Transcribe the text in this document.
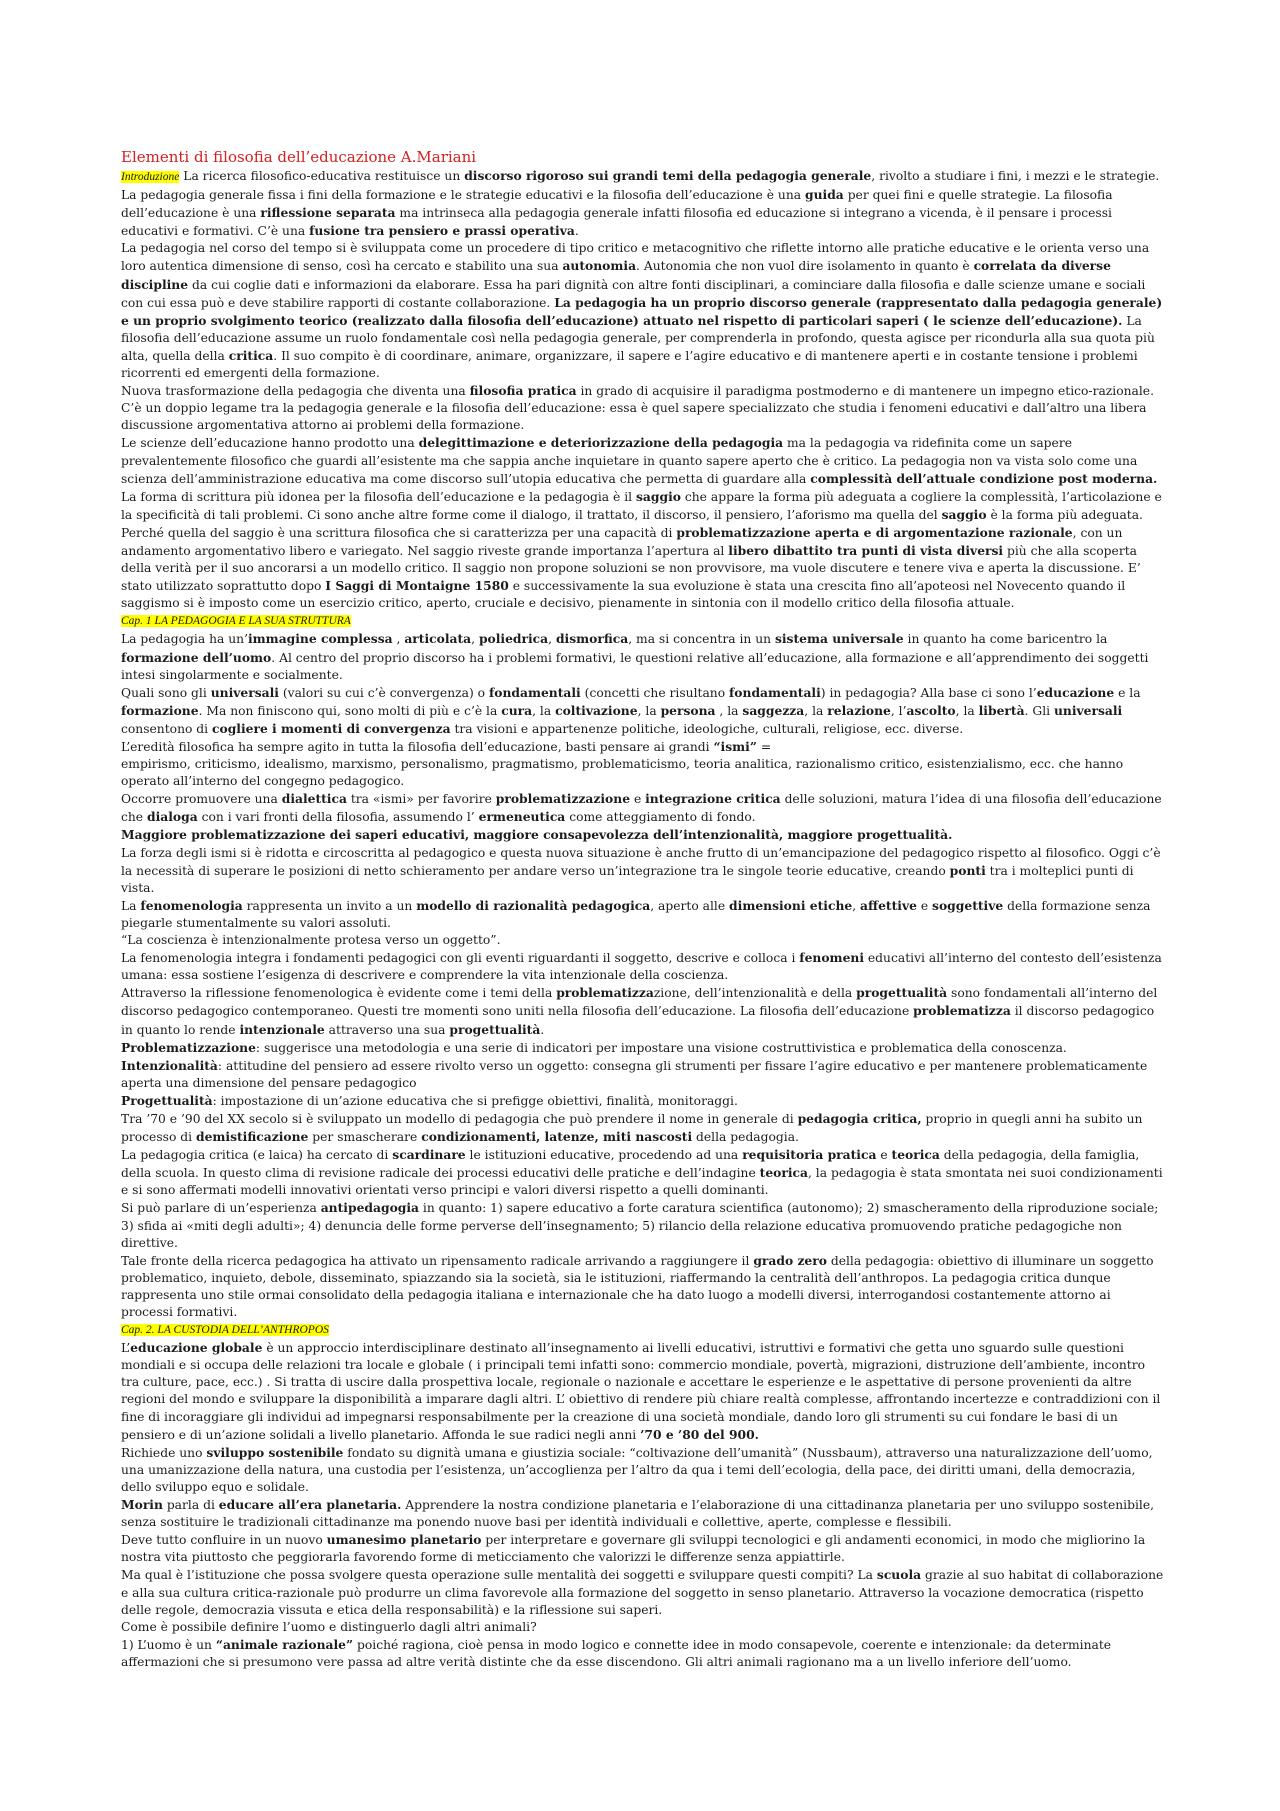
Elementi di filosofia dell’educazione A.Mariani

Introduzione La ricerca filosofico-educativa restituisce un discorso rigoroso sui grandi temi della pedagogia generale, rivolto a studiare i fini, i mezzi e le strategie. La pedagogia generale fissa i fini della formazione e le strategie educativi e la filosofia dell’educazione è una guida per quei fini e quelle strategie. La filosofia dell’educazione è una riflessione separata ma intrinseca alla pedagogia generale infatti filosofia ed educazione si integrano a vicenda, è il pensare i processi educativi e formativi. C’è una fusione tra pensiero e prassi operativa.

La pedagogia nel corso del tempo si è sviluppata come un procedere di tipo critico e metacognitivo che riflette intorno alle pratiche educative e le orienta verso una loro autentica dimensione di senso, così ha cercato e stabilito una sua autonomia. Autonomia che non vuol dire isolamento in quanto è correlata da diverse discipline da cui coglie dati e informazioni da elaborare. Essa ha pari dignità con altre fonti disciplinari, a cominciare dalla filosofia e dalle scienze umane e sociali con cui essa può e deve stabilire rapporti di costante collaborazione. La pedagogia ha un proprio discorso generale (rappresentato dalla pedagogia generale) e un proprio svolgimento teorico (realizzato dalla filosofia dell’educazione) attuato nel rispetto di particolari saperi ( le scienze dell’educazione). La filosofia dell’educazione assume un ruolo fondamentale così nella pedagogia generale, per comprenderla in profondo, questa agisce per ricondurla alla sua quota più alta, quella della critica. Il suo compito è di coordinare, animare, organizzare, il sapere e l’agire educativo e di mantenere aperti e in costante tensione i problemi ricorrenti ed emergenti della formazione.

Nuova trasformazione della pedagogia che diventa una filosofia pratica in grado di acquisire il paradigma postmoderno e di mantenere un impegno etico-razionale. C’è un doppio legame tra la pedagogia generale e la filosofia dell’educazione: essa è quel sapere specializzato che studia i fenomeni educativi e dall’altro una libera discussione argomentativa attorno ai problemi della formazione.

Le scienze dell’educazione hanno prodotto una delegittimazione e deteriorizzazione della pedagogia ma la pedagogia va ridefinita come un sapere prevalentemente filosofico che guardi all’esistente ma che sappia anche inquietare in quanto sapere aperto che è critico. La pedagogia non va vista solo come una scienza dell’amministrazione educativa ma come discorso sull’utopia educativa che permetta di guardare alla complessità dell’attuale condizione post moderna.

La forma di scrittura più idonea per la filosofia dell’educazione e la pedagogia è il saggio che appare la forma più adeguata a cogliere la complessità, l’articolazione e la specificità di tali problemi. Ci sono anche altre forme come il dialogo, il trattato, il discorso, il pensiero, l’aforismo ma quella del saggio è la forma più adeguata.

Perché quella del saggio è una scrittura filosofica che si caratterizza per una capacità di problematizzazione aperta e di argomentazione razionale, con un andamento argomentativo libero e variegato. Nel saggio riveste grande importanza l’apertura al libero dibattito tra punti di vista diversi più che alla scoperta della verità per il suo ancorarsi a un modello critico. Il saggio non propone soluzioni se non provvisore, ma vuole discutere e tenere viva e aperta la discussione. E’ stato utilizzato soprattutto dopo I Saggi di Montaigne 1580 e successivamente la sua evoluzione è stata una crescita fino all’apoteosi nel Novecento quando il saggismo si è imposto come un esercizio critico, aperto, cruciale e decisivo, pienamente in sintonia con il modello critico della filosofia attuale.

Cap. 1 LA PEDAGOGIA E LA SUA STRUTTURA

La pedagogia ha un’immagine complessa , articolata, poliedrica, dismorfica, ma si concentra in un sistema universale in quanto ha come baricentro la formazione dell’uomo. Al centro del proprio discorso ha i problemi formativi, le questioni relative all’educazione, alla formazione e all’apprendimento dei soggetti intesi singolarmente e socialmente.

Quali sono gli universali (valori su cui c’è convergenza) o fondamentali (concetti che risultano fondamentali) in pedagogia? Alla base ci sono l’educazione e la formazione. Ma non finiscono qui, sono molti di più e c’è la cura, la coltivazione, la persona , la saggezza, la relazione, l’ascolto, la libertà. Gli universali consentono di cogliere i momenti di convergenza tra visioni e appartenenze politiche, ideologiche, culturali, religiose, ecc. diverse.

L’eredità filosofica ha sempre agito in tutta la filosofia dell’educazione, basti pensare ai grandi “ismi” =

empirismo, criticismo, idealismo, marxismo, personalismo, pragmatismo, problematicismo, teoria analitica, razionalismo critico, esistenzialismo, ecc. che hanno operato all’interno del congegno pedagogico.

Occorre promuovere una dialettica tra «ismi» per favorire problematizzazione e integrazione critica delle soluzioni, matura l’idea di una filosofia dell’educazione che dialoga con i vari fronti della filosofia, assumendo l’ ermeneutica come atteggiamento di fondo.

Maggiore problematizzazione dei saperi educativi, maggiore consapevolezza dell’intenzionalità, maggiore progettualità.

La forza degli ismi si è ridotta e circoscritta al pedagogico e questa nuova situazione è anche frutto di un’emancipazione del pedagogico rispetto al filosofico. Oggi c’è la necessità di superare le posizioni di netto schieramento per andare verso un’integrazione tra le singole teorie educative, creando ponti tra i molteplici punti di vista.

La fenomenologia rappresenta un invito a un modello di razionalità pedagogica, aperto alle dimensioni etiche, affettive e soggettive della formazione senza piegarle stumentalmente su valori assoluti.

“La coscienza è intenzionalmente protesa verso un oggetto”.

La fenomenologia integra i fondamenti pedagogici con gli eventi riguardanti il soggetto, descrive e colloca i fenomeni educativi all’interno del contesto dell’esistenza umana: essa sostiene l’esigenza di descrivere e comprendere la vita intenzionale della coscienza.

Attraverso la riflessione fenomenologica è evidente come i temi della problematizzazione, dell’intenzionalità e della progettualità sono fondamentali all’interno del discorso pedagogico contemporaneo. Questi tre momenti sono uniti nella filosofia dell’educazione. La filosofia dell’educazione problematizza il discorso pedagogico in quanto lo rende intenzionale attraverso una sua progettualità.

Problematizzazione: suggerisce una metodologia e una serie di indicatori per impostare una visione costruttivistica e problematica della conoscenza.

Intenzionalità: attitudine del pensiero ad essere rivolto verso un oggetto: consegna gli strumenti per fissare l’agire educativo e per mantenere problematicamente aperta una dimensione del pensare pedagogico

Progettualità: impostazione di un’azione educativa che si prefigge obiettivi, finalità, monitoraggi.

Tra ’70 e ’90 del XX secolo si è sviluppato un modello di pedagogia che può prendere il nome in generale di pedagogia critica, proprio in quegli anni ha subito un processo di demistificazione per smascherare condizionamenti, latenze, miti nascosti della pedagogia.

La pedagogia critica (e laica) ha cercato di scardinare le istituzioni educative, procedendo ad una requisitoria pratica e teorica della pedagogia, della famiglia, della scuola. In questo clima di revisione radicale dei processi educativi delle pratiche e dell’indagine teorica, la pedagogia è stata smontata nei suoi condizionamenti e si sono affermati modelli innovativi orientati verso principi e valori diversi rispetto a quelli dominanti.

Si può parlare di un’esperienza antipedagogia in quanto: 1) sapere educativo a forte caratura scientifica (autonomo); 2) smascheramento della riproduzione sociale; 3) sfida ai «miti degli adulti»; 4) denuncia delle forme perverse dell’insegnamento; 5) rilancio della relazione educativa promuovendo pratiche pedagogiche non direttive.

Tale fronte della ricerca pedagogica ha attivato un ripensamento radicale arrivando a raggiungere il grado zero della pedagogia: obiettivo di illuminare un soggetto problematico, inquieto, debole, disseminato, spiazzando sia la società, sia le istituzioni, riaffermando la centralità dell’anthropos. La pedagogia critica dunque rappresenta uno stile ormai consolidato della pedagogia italiana e internazionale che ha dato luogo a modelli diversi, interrogandosi costantemente attorno ai processi formativi.

Cap. 2. LA CUSTODIA DELL’ANTHROPOS

L’educazione globale è un approccio interdisciplinare destinato all’insegnamento ai livelli educativi, istruttivi e formativi che getta uno sguardo sulle questioni mondiali e si occupa delle relazioni tra locale e globale ( i principali temi infatti sono: commercio mondiale, povertà, migrazioni, distruzione dell’ambiente, incontro tra culture, pace, ecc.) . Si tratta di uscire dalla prospettiva locale, regionale o nazionale e accettare le esperienze e le aspettative di persone provenienti da altre regioni del mondo e sviluppare la disponibilità a imparare dagli altri. L’ obiettivo di rendere più chiare realtà complesse, affrontando incertezze e contraddizioni con il fine di incoraggiare gli individui ad impegnarsi responsabilmente per la creazione di una società mondiale, dando loro gli strumenti su cui fondare le basi di un pensiero e di un’azione solidali a livello planetario. Affonda le sue radici negli anni ’70 e ’80 del 900.

Richiede uno sviluppo sostenibile fondato su dignità umana e giustizia sociale: “coltivazione dell’umanità” (Nussbaum), attraverso una naturalizzazione dell’uomo, una umanizzazione della natura, una custodia per l’esistenza, un’accoglienza per l’altro da qua i temi dell’ecologia, della pace, dei diritti umani, della democrazia, dello sviluppo equo e solidale.

Morin parla di educare all’era planetaria. Apprendere la nostra condizione planetaria e l’elaborazione di una cittadinanza planetaria per uno sviluppo sostenibile, senza sostituire le tradizionali cittadinanze ma ponendo nuove basi per identità individuali e collettive, aperte, complesse e flessibili.

Deve tutto confluire in un nuovo umanesimo planetario per interpretare e governare gli sviluppi tecnologici e gli andamenti economici, in modo che migliorino la nostra vita piuttosto che peggiorarla favorendo forme di meticciamento che valorizzi le differenze senza appiattirle.

Ma qual è l’istituzione che possa svolgere questa operazione sulle mentalità dei soggetti e sviluppare questi compiti? La scuola grazie al suo habitat di collaborazione e alla sua cultura critica-razionale può produrre un clima favorevole alla formazione del soggetto in senso planetario. Attraverso la vocazione democratica (rispetto delle regole, democrazia vissuta e etica della responsabilità) e la riflessione sui saperi.

Come è possibile definire l’uomo e distinguerlo dagli altri animali?

1) L’uomo è un “animale razionale” poiché ragiona, cioè pensa in modo logico e connette idee in modo consapevole, coerente e intenzionale: da determinate affermazioni che si presumono vere passa ad altre verità distinte che da esse discendono. Gli altri animali ragionano ma a un livello inferiore dell’uomo.
